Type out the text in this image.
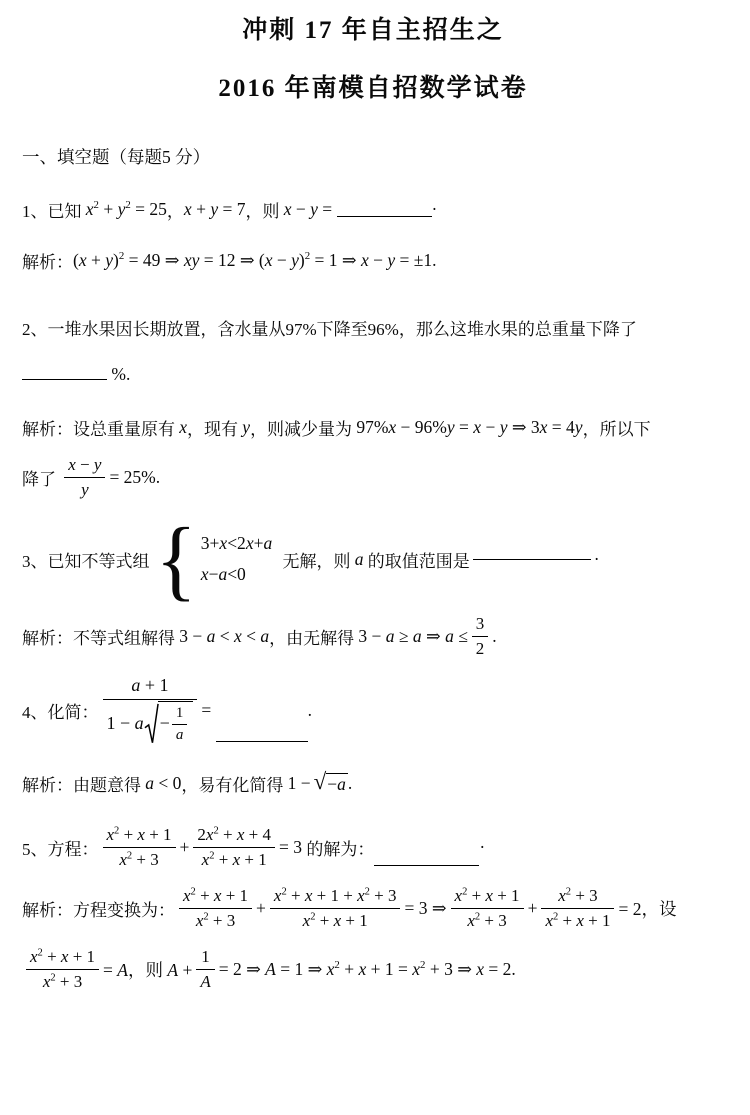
冲刺 17 年自主招生之
2016 年南模自招数学试卷
一、填空题（每题5 分）
1、 已知 $x^2 + y^2 = 25$ ， x + y = 7 ，则 x − y =	·
解析： $(x + y)^2 = 49$ ⇒ xy = 12 ⇒ $(x - y)^2 = 1$ ⇒ x − y = ±1.
2、 一堆水果因长期放置，含水量从97%下降至96%，那么这堆水果的总重量下降了
%.
解析： 设总重量原有 x ，现有 y ，则减少量为 97%x − 96%y = x − y ⇒ 3x = 4y ，所以下
降了 $\frac{x - y}{y} = 25\%$.
3、 已知不等式组 { 3+x<2x+a
x−a<0
无解，则 a 的取值范围是	·
解析： 不等式组解得 3 − a < x < a ，由无解得 3 − a ≥ a ⇒ $a \le \frac{3}{2}$ .
4、 化简：
a + 1
$1 - a - \frac{1}{a}$ =	.
解析： 由题意得 a < 0 ，易有化简得 1 − √ −a .
5、 方程： $\frac{x^2 + x + 1}{x^2 + 3} + \frac{2x^2 + x + 4}{x^2 + x + 1} = 3$ 的解为：	·
解析： 方程变换为： $\frac{x^2 + x + 1}{x^2 + 3} + \frac{x^2 + x + 1 + x^2 + 3}{x^2 + x + 1} = 3$ ⇒ $\frac{x^2 + x + 1}{x^2 + 3} + \frac{x^2 + 3}{x^2 + x + 1} = 2$，设
$\frac{x^2 + x + 1}{x^2 + 3} = A$，则 $A + \frac{1}{A} = 2$ ⇒ A = 1 ⇒ $x^2 + x + 1 = x^2 + 3$ ⇒ x = 2.
